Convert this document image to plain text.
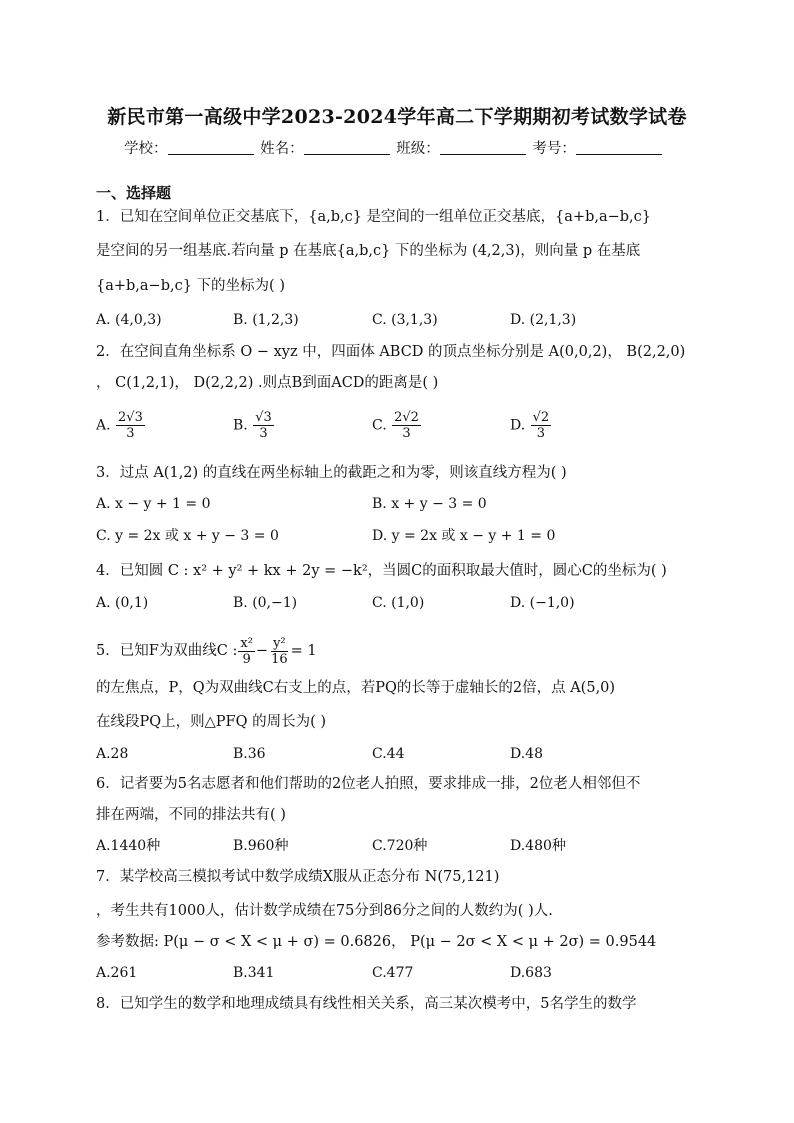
新民市第一高级中学2023-2024学年高二下学期期初考试数学试卷
学校：	姓名：	班级：	考号：
一、选择题
1．已知在空间单位正交基底下，{a,b,c} 是空间的一组单位正交基底，{a+b,a−b,c}
是空间的另一组基底.若向量 p 在基底{a,b,c} 下的坐标为 (4,2,3)，则向量 p 在基底
{a+b,a−b,c} 下的坐标为( )
A. (4,0,3)	B. (1,2,3)	C. (3,1,3)	D. (2,1,3)
2．在空间直角坐标系 O − xyz 中，四面体 ABCD 的顶点坐标分别是 A(0,0,2)， B(2,2,0)
， C(1,2,1)， D(2,2,2) .则点B到面ACD的距离是( )
A. $\frac{2√3}{3}$	B. $\frac{√3}{3}$	C. $\frac{2√2}{3}$	D. $\frac{√2}{3}$
3．过点 A(1,2) 的直线在两坐标轴上的截距之和为零，则该直线方程为( )
A. x − y + 1 = 0	B. x + y − 3 = 0
C. y = 2x 或 x + y − 3 = 0	D. y = 2x 或 x − y + 1 = 0
4．已知圆 C : x² + y² + kx + 2y = −k²，当圆C的面积取最大值时，圆心C的坐标为( )
A. (0,1)	B. (0,−1)	C. (1,0)	D. (−1,0)
5．已知F为双曲线C : $\frac{\text{x²}}{9} - \frac{\text{y²}}{16} = 1$
的左焦点，P，Q为双曲线C右支上的点，若PQ的长等于虚轴长的2倍，点 A(5,0)
在线段PQ上，则△PFQ 的周长为( )
A.28	B.36	C.44	D.48
6．记者要为5名志愿者和他们帮助的2位老人拍照，要求排成一排，2位老人相邻但不
排在两端，不同的排法共有( )
A.1440种	B.960种	C.720种	D.480种
7．某学校高三模拟考试中数学成绩X服从正态分布 N(75,121)
，考生共有1000人，估计数学成绩在75分到86分之间的人数约为( )人.
参考数据: P(μ − σ < X < μ + σ) = 0.6826， P(μ − 2σ < X < μ + 2σ) = 0.9544
A.261	B.341	C.477	D.683
8．已知学生的数学和地理成绩具有线性相关关系，高三某次模考中，5名学生的数学
